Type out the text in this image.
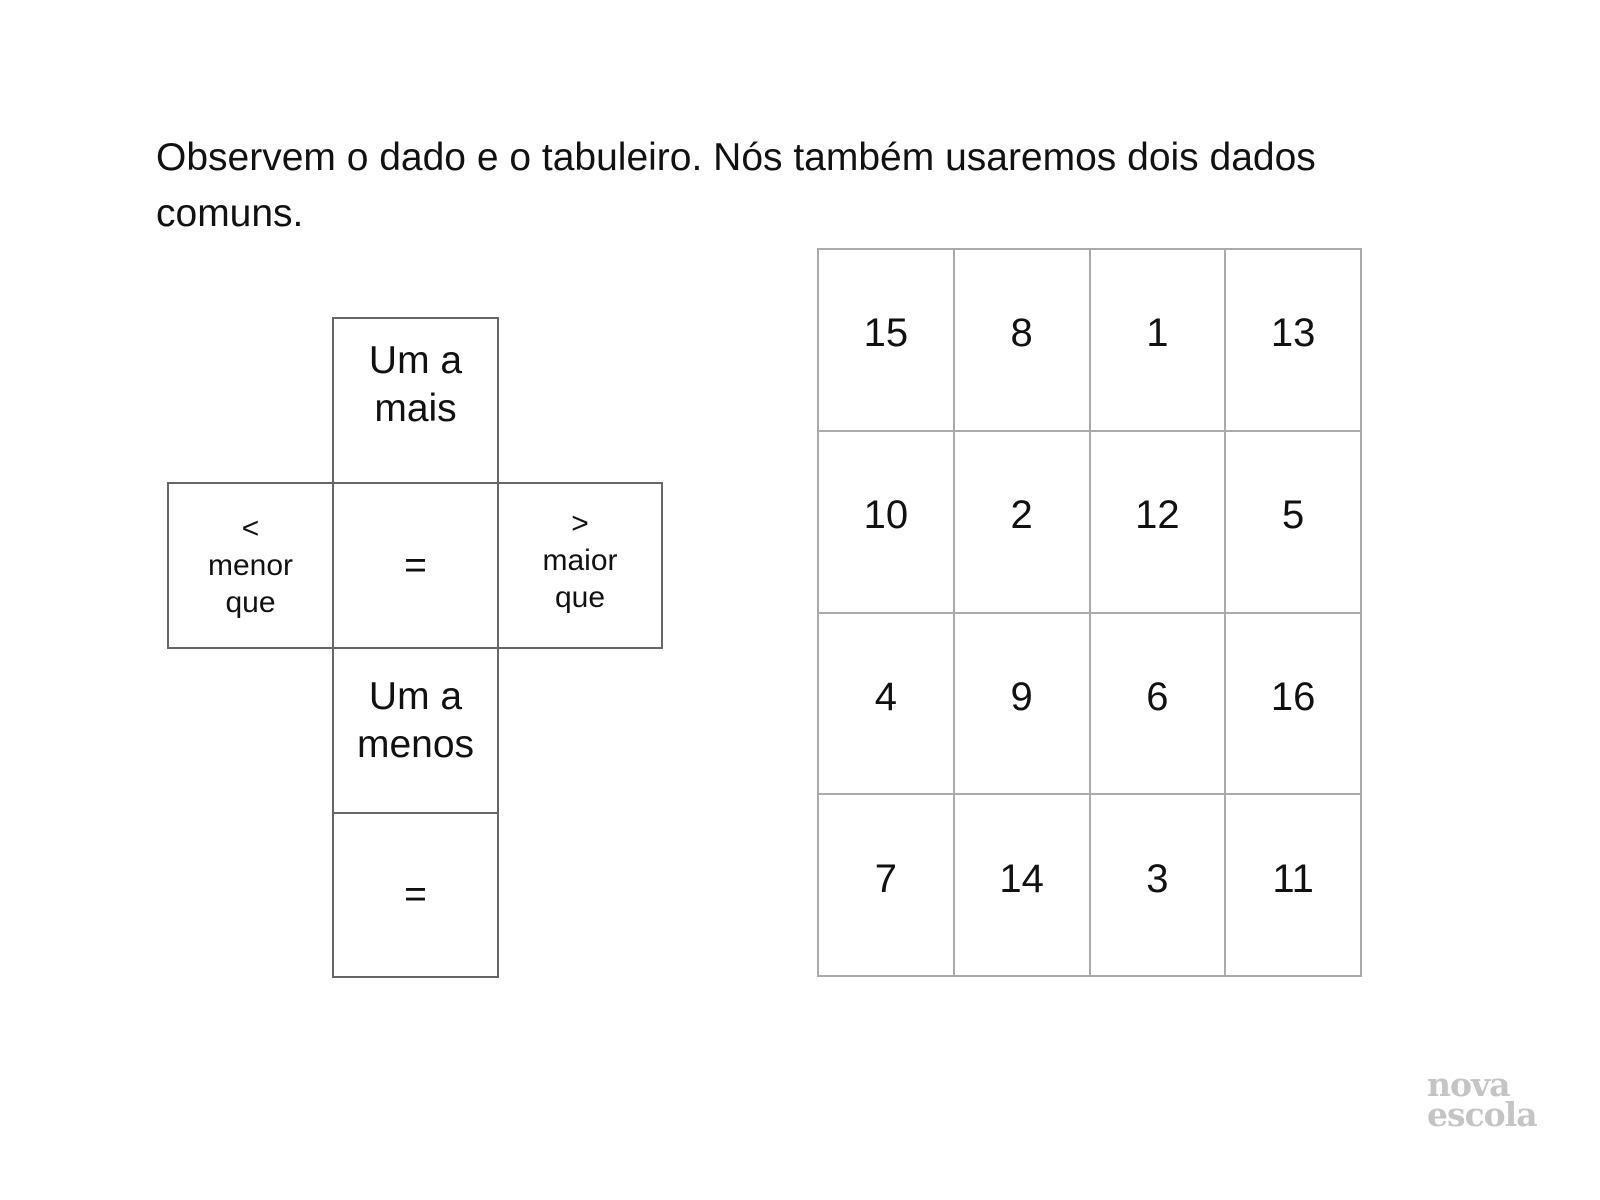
Observem o dado e o tabuleiro. Nós também usaremos dois dados comuns.
Um a mais
<
menor que
=
>
maior que
Um a menos
=
15	8	1	13
10	2	12	5
4	9	6	16
7	14	3	11
nova
escola
